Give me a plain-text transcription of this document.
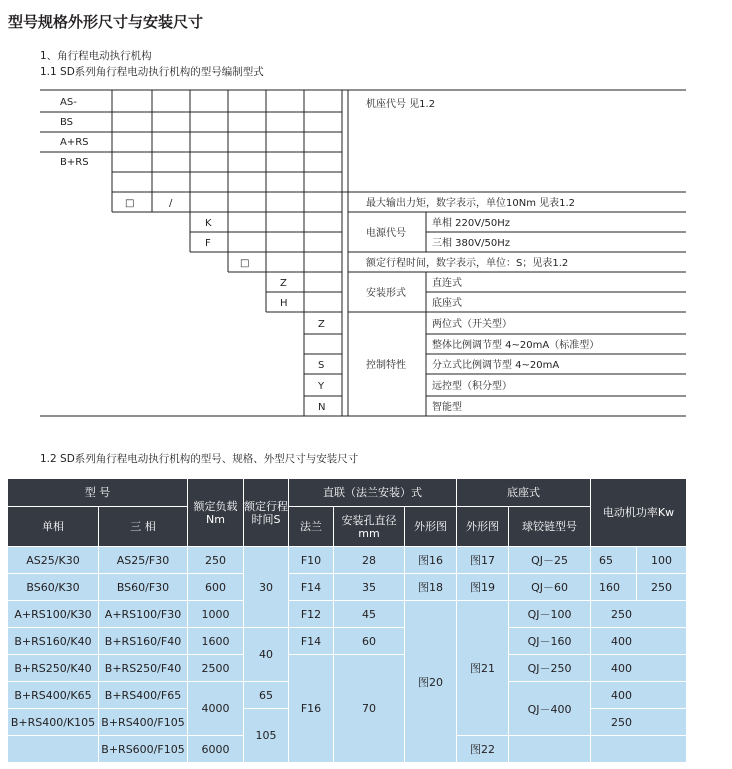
型号规格外形尺寸与安装尺寸
1、角行程电动执行机构
1.1 SD系列角行程电动执行机构的型号编制型式
1.2 SD系列角行程电动执行机构的型号、规格、外型尺寸与安装尺寸
AS-
BS
A+RS
B+RS
□	/
K
F
□
Z
H
Z
S
Y
N
机座代号 见1.2
最大输出力矩，数字表示，单位10Nm 见表1.2
电源代号
单相 220V/50Hz
三相 380V/50Hz
额定行程时间，数字表示，单位：S；见表1.2
安装形式
直连式
底座式
控制特性
两位式（开关型）
整体比例调节型 4~20mA（标准型）
分立式比例调节型 4~20mA
远控型（积分型）
智能型
型 号		额定负载Nm	额定行程时间S	直联（法兰安装）式			底座式		电动机功率Kw	
单相	三 相			法兰	安装孔直径mm	外形图	外形图	球铰链型号		
AS25/K30	AS25/F30	250	30	F10	28	图16	图17	QJ－25	65	100
BS60/K30	BS60/F30	600		F14	35	图18	图19	QJ－60	160	250
A+RS100/K30	A+RS100/F30	1000		F12	45	图20	图21	QJ－100	250	
B+RS160/K40	B+RS160/F40	1600	40	F14	60			QJ－160	400	
B+RS250/K40	B+RS250/F40	2500		F16	70			QJ－250	400	
B+RS400/K65	B+RS400/F65	4000	65					QJ－400	400	
B+RS400/K105	B+RS400/F105		105						250	
	B+RS600/F105	6000					图22			
